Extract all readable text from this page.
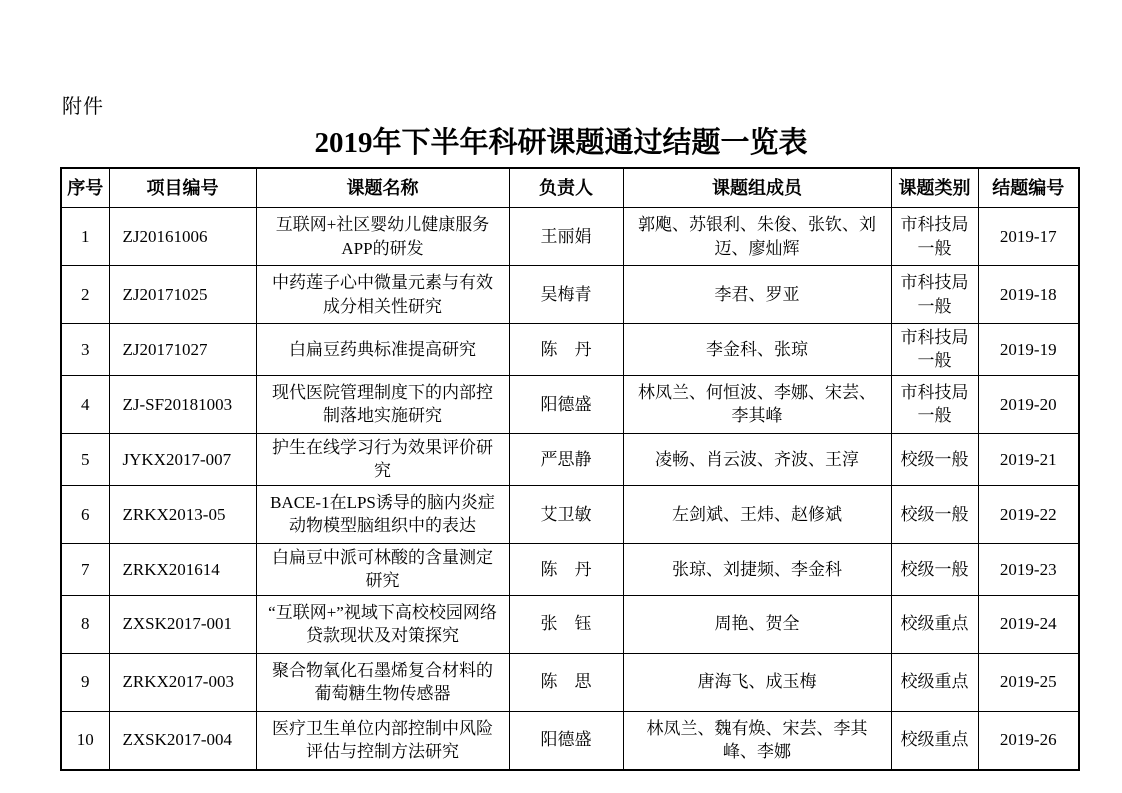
附件
2019年下半年科研课题通过结题一览表
序号	项目编号	课题名称	负责人	课题组成员	课题类别	结题编号
1	ZJ20161006	互联网+社区婴幼儿健康服务APP的研发	王丽娟	郭飑、苏银利、朱俊、张钦、刘迈、廖灿辉	市科技局一般	2019-17
2	ZJ20171025	中药莲子心中微量元素与有效成分相关性研究	吴梅青	李君、罗亚	市科技局一般	2019-18
3	ZJ20171027	白扁豆药典标准提高研究	陈　丹	李金科、张琼	市科技局一般	2019-19
4	ZJ-SF20181003	现代医院管理制度下的内部控制落地实施研究	阳德盛	林凤兰、何恒波、李娜、宋芸、李其峰	市科技局一般	2019-20
5	JYKX2017-007	护生在线学习行为效果评价研究	严思静	凌畅、肖云波、齐波、王淳	校级一般	2019-21
6	ZRKX2013-05	BACE-1在LPS诱导的脑内炎症动物模型脑组织中的表达	艾卫敏	左剑斌、王炜、赵修斌	校级一般	2019-22
7	ZRKX201614	白扁豆中派可林酸的含量测定研究	陈　丹	张琼、刘捷频、李金科	校级一般	2019-23
8	ZXSK2017-001	“互联网+”视域下高校校园网络贷款现状及对策探究	张　钰	周艳、贺全	校级重点	2019-24
9	ZRKX2017-003	聚合物氧化石墨烯复合材料的葡萄糖生物传感器	陈　思	唐海飞、成玉梅	校级重点	2019-25
10	ZXSK2017-004	医疗卫生单位内部控制中风险评估与控制方法研究	阳德盛	林凤兰、魏有焕、宋芸、李其峰、李娜	校级重点	2019-26
